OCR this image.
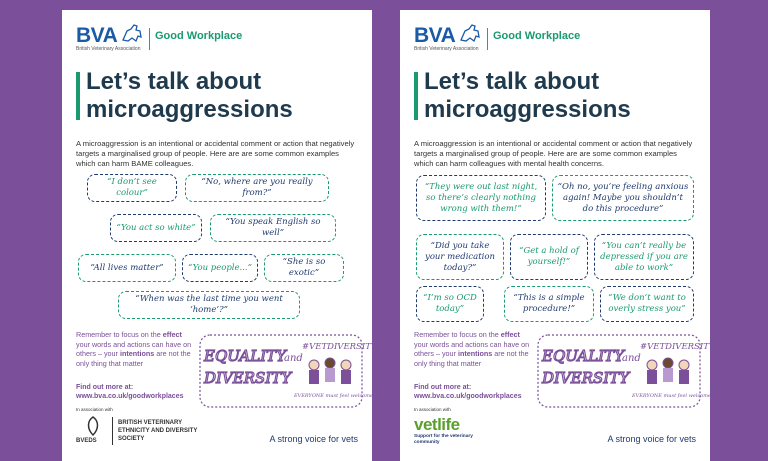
BVA
British Veterinary Association
Good Workplace
Let’s talk about microaggressions
A microaggression is an intentional or accidental comment or action that negatively targets a marginalised group of people. Here are are some common examples which can harm BAME colleagues.
“I don’t see colour”
“No, where are you really from?”
“You act so white”
“You speak English so well”
“All lives matter”	“You people...”
“She is so exotic”
“When was the last time you went ‘home’?”
Remember to focus on the effect your words and actions can have on others – your intentions are not the only thing that matter	EQUALITY
and
DIVERSITY
#VETDIVERSITY
EVERYONE must feel welcome!
Find out more at:
www.bva.co.uk/goodworkplaces
In association with
BVEDS
BRITISH VETERINARY ETHNICITY AND DIVERSITY SOCIETY	A strong voice for vets
BVA
British Veterinary Association
Good Workplace
Let’s talk about microaggressions
A microaggression is an intentional or accidental comment or action that negatively targets a marginalised group of people. Here are are some common examples which can harm colleagues with mental health concerns.
“They were out last night, so there’s clearly nothing wrong with them!”
“Oh no, you’re feeling anxious again! Maybe you shouldn’t do this procedure”
“Did you take your medication today?”
“Get a hold of yourself!”
“You can’t really be depressed if you are able to work”
“I’m so OCD today”
“This is a simple procedure!”
“We don’t want to overly stress you”
Remember to focus on the effect your words and actions can have on others – your intentions are not the only thing that matter	EQUALITY
and
DIVERSITY
#VETDIVERSITY
EVERYONE must feel welcome!
Find out more at:
www.bva.co.uk/goodworkplaces
In association with
vetlife
Support for the veterinary community	A strong voice for vets
